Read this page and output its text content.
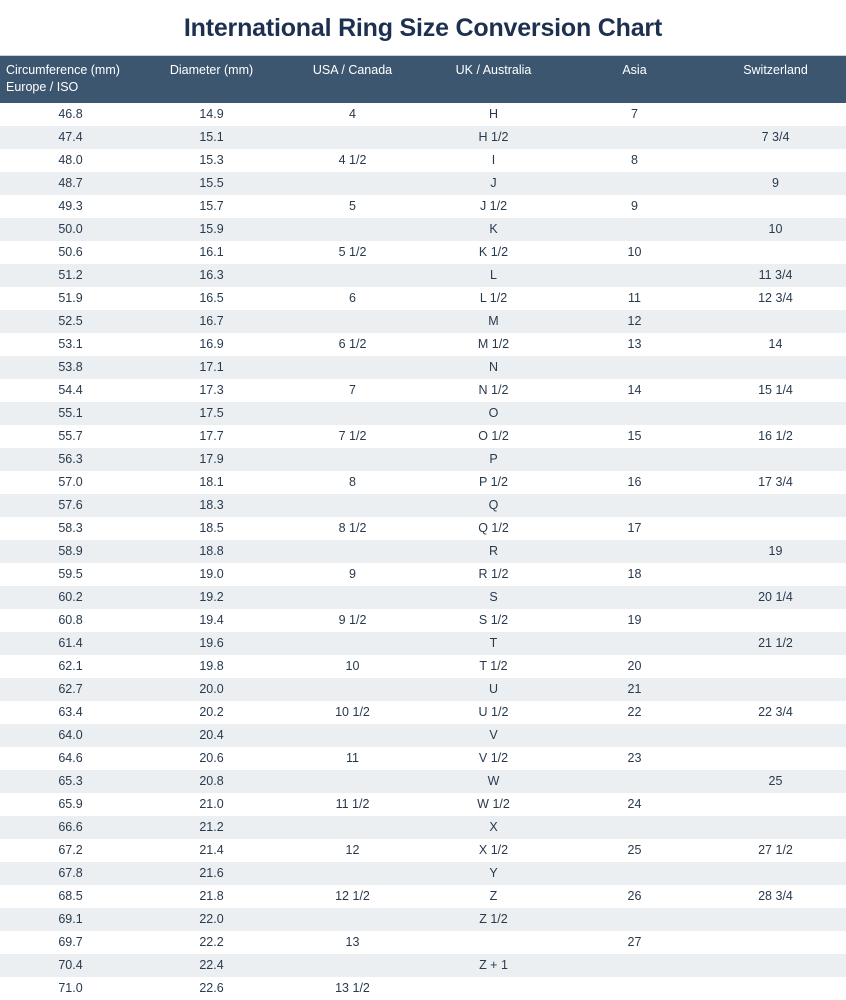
International Ring Size Conversion Chart
Circumference (mm)
Europe / ISO	Diameter (mm)	USA / Canada	UK / Australia	Asia	Switzerland
46.8	14.9	4	H	7	
47.4	15.1		H 1/2		7 3/4
48.0	15.3	4 1/2	I	8	
48.7	15.5		J		9
49.3	15.7	5	J 1/2	9	
50.0	15.9		K		10
50.6	16.1	5 1/2	K 1/2	10	
51.2	16.3		L		11 3/4
51.9	16.5	6	L 1/2	11	12 3/4
52.5	16.7		M	12	
53.1	16.9	6 1/2	M 1/2	13	14
53.8	17.1		N		
54.4	17.3	7	N 1/2	14	15 1/4
55.1	17.5		O		
55.7	17.7	7 1/2	O 1/2	15	16 1/2
56.3	17.9		P		
57.0	18.1	8	P 1/2	16	17 3/4
57.6	18.3		Q		
58.3	18.5	8 1/2	Q 1/2	17	
58.9	18.8		R		19
59.5	19.0	9	R 1/2	18	
60.2	19.2		S		20 1/4
60.8	19.4	9 1/2	S 1/2	19	
61.4	19.6		T		21 1/2
62.1	19.8	10	T 1/2	20	
62.7	20.0		U	21	
63.4	20.2	10 1/2	U 1/2	22	22 3/4
64.0	20.4		V		
64.6	20.6	11	V 1/2	23	
65.3	20.8		W		25
65.9	21.0	11 1/2	W 1/2	24	
66.6	21.2		X		
67.2	21.4	12	X 1/2	25	27 1/2
67.8	21.6		Y		
68.5	21.8	12 1/2	Z	26	28 3/4
69.1	22.0		Z 1/2		
69.7	22.2	13		27	
70.4	22.4		Z + 1		
71.0	22.6	13 1/2			
